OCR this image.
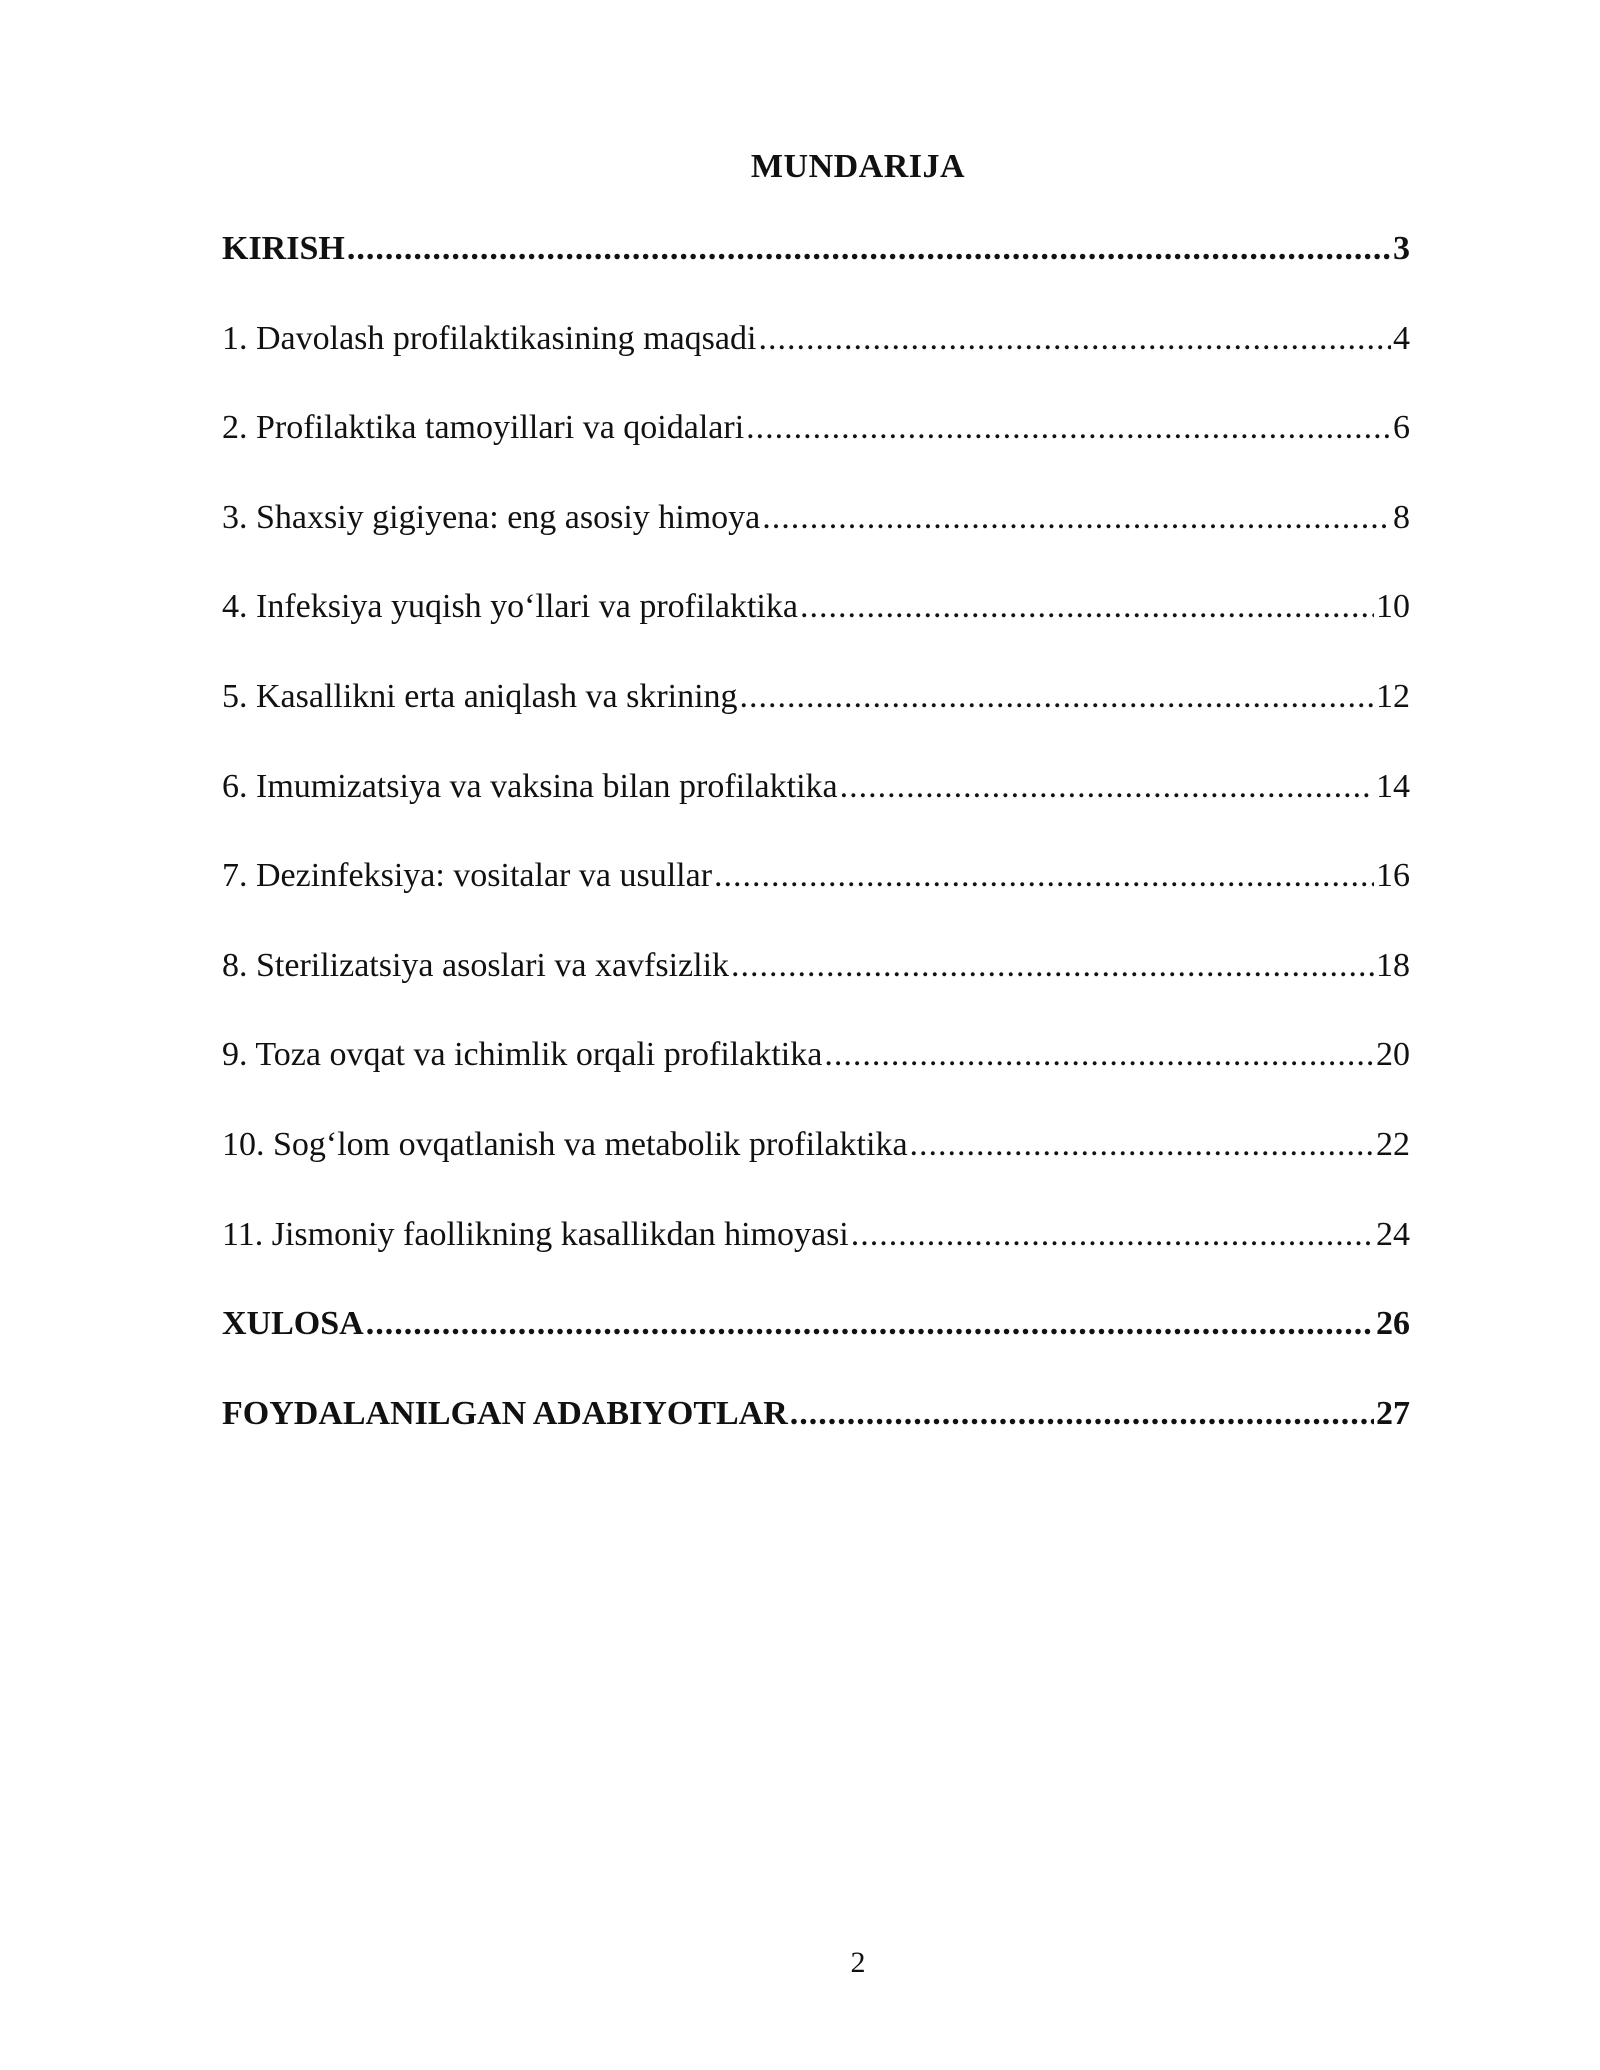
MUNDARIJA
KIRISH .....	3
1. Davolash profilaktikasining maqsadi .....	4
2. Profilaktika tamoyillari va qoidalari .....	6
3. Shaxsiy gigiyena: eng asosiy himoya .....	8
4. Infeksiya yuqish yo‘llari va profilaktika .....	10
5. Kasallikni erta aniqlash va skrining .....	12
6. Imumizatsiya va vaksina bilan profilaktika .....	14
7. Dezinfeksiya: vositalar va usullar .....	16
8. Sterilizatsiya asoslari va xavfsizlik .....	18
9. Toza ovqat va ichimlik orqali profilaktika .....	20
10. Sog‘lom ovqatlanish va metabolik profilaktika .....	22
11. Jismoniy faollikning kasallikdan himoyasi .....	24
XULOSA .....	26
FOYDALANILGAN ADABIYOTLAR .....	27
2
